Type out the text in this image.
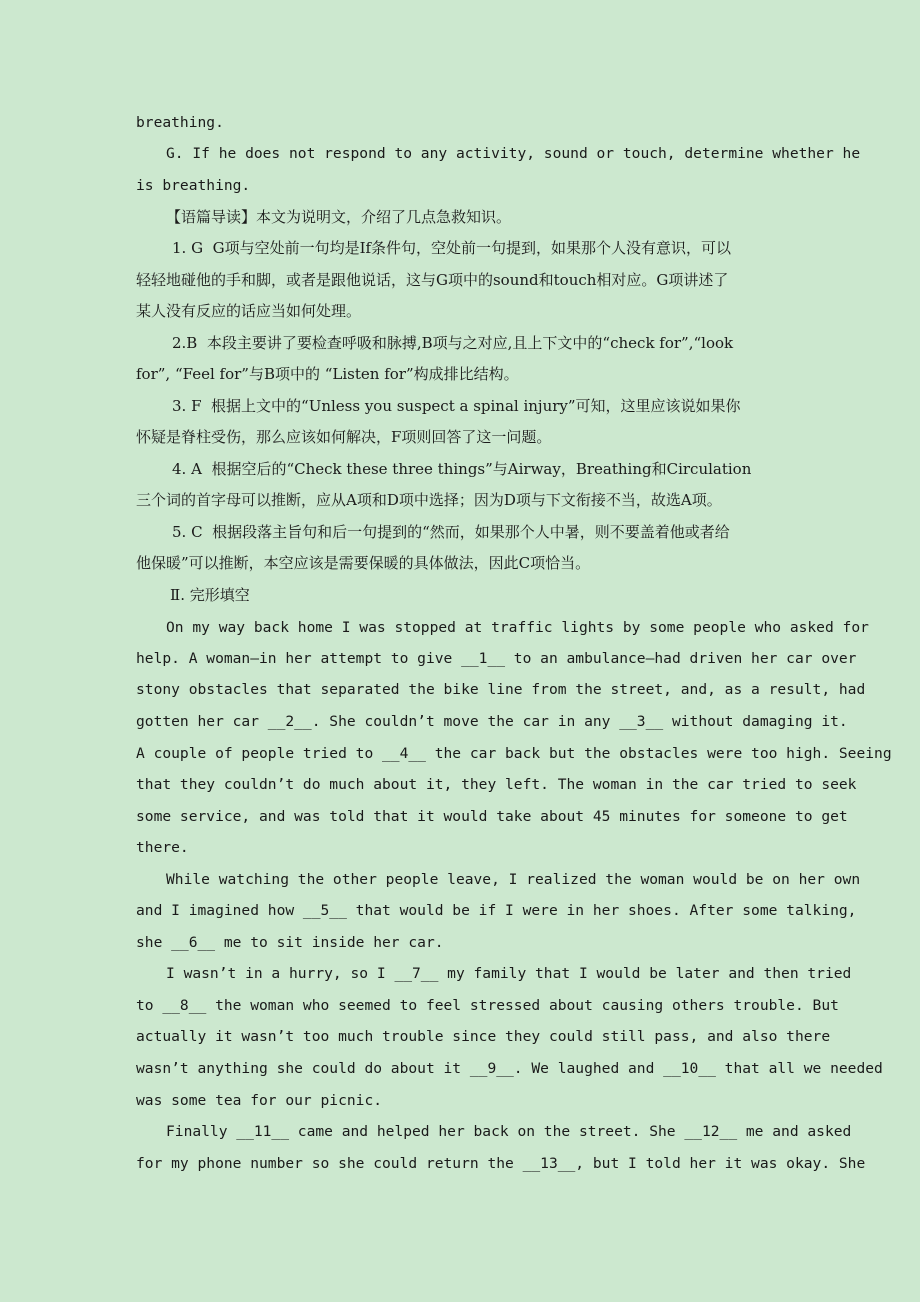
breathing.
G. If he does not respond to any activity, sound or touch, determine whether he
is breathing.
【语篇导读】本文为说明文，介绍了几点急救知识。
1. G  G项与空处前一句均是If条件句，空处前一句提到，如果那个人没有意识，可以
轻轻地碰他的手和脚，或者是跟他说话，这与G项中的sound和touch相对应。G项讲述了
某人没有反应的话应当如何处理。
2.B  本段主要讲了要检查呼吸和脉搏,B项与之对应,且上下文中的“check for”,“look
for”, “Feel for”与B项中的 “Listen for”构成排比结构。
3. F  根据上文中的“Unless you suspect a spinal injury”可知，这里应该说如果你
怀疑是脊柱受伤，那么应该如何解决，F项则回答了这一问题。
4. A  根据空后的“Check these three things”与Airway，Breathing和Circulation
三个词的首字母可以推断，应从A项和D项中选择；因为D项与下文衔接不当，故选A项。
5. C  根据段落主旨句和后一句提到的“然而，如果那个人中暑，则不要盖着他或者给
他保暖”可以推断，本空应该是需要保暖的具体做法，因此C项恰当。
Ⅱ. 完形填空
On my way back home I was stopped at traffic lights by some people who asked for
help. A woman—in her attempt to give __1__ to an ambulance—had driven her car over
stony obstacles that separated the bike line from the street, and, as a result, had
gotten her car __2__. She couldn’t move the car in any __3__ without damaging it.
A couple of people tried to __4__ the car back but the obstacles were too high. Seeing
that they couldn’t do much about it, they left. The woman in the car tried to seek
some service, and was told that it would take about 45 minutes for someone to get
there.
While watching the other people leave, I realized the woman would be on her own
and I imagined how __5__ that would be if I were in her shoes. After some talking,
she __6__ me to sit inside her car.
I wasn’t in a hurry, so I __7__ my family that I would be later and then tried
to __8__ the woman who seemed to feel stressed about causing others trouble. But
actually it wasn’t too much trouble since they could still pass, and also there
wasn’t anything she could do about it __9__. We laughed and __10__ that all we needed
was some tea for our picnic.
Finally __11__ came and helped her back on the street. She __12__ me and asked
for my phone number so she could return the __13__, but I told her it was okay. She
